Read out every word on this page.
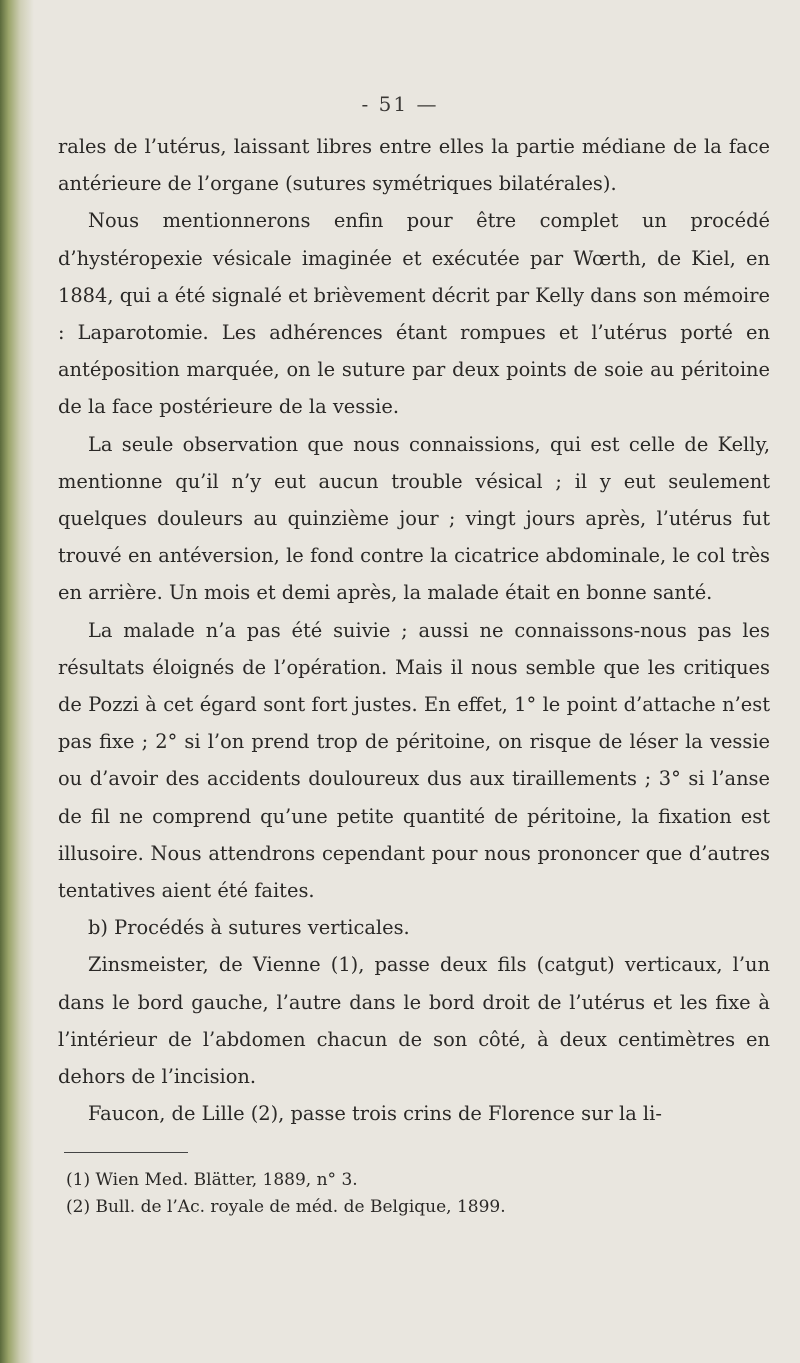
- 51 —

rales de l’utérus, laissant libres entre elles la partie médiane de la face antérieure de l’organe (sutures symétriques bilatérales).

Nous mentionnerons enfin pour être complet un procédé d’hystéropexie vésicale imaginée et exécutée par Wœrth, de Kiel, en 1884, qui a été signalé et brièvement décrit par Kelly dans son mémoire : Laparotomie. Les adhérences étant rompues et l’utérus porté en antéposition marquée, on le suture par deux points de soie au péritoine de la face postérieure de la vessie.

La seule observation que nous connaissions, qui est celle de Kelly, mentionne qu’il n’y eut aucun trouble vésical ; il y eut seulement quelques douleurs au quinzième jour ; vingt jours après, l’utérus fut trouvé en antéversion, le fond contre la cicatrice abdominale, le col très en arrière. Un mois et demi après, la malade était en bonne santé.

La malade n’a pas été suivie ; aussi ne connaissons-nous pas les résultats éloignés de l’opération. Mais il nous semble que les critiques de Pozzi à cet égard sont fort justes. En effet, 1° le point d’attache n’est pas fixe ; 2° si l’on prend trop de péritoine, on risque de léser la vessie ou d’avoir des accidents douloureux dus aux tiraillements ; 3° si l’anse de fil ne comprend qu’une petite quantité de péritoine, la fixation est illusoire. Nous attendrons cependant pour nous prononcer que d’autres tentatives aient été faites.

b) Procédés à sutures verticales.

Zinsmeister, de Vienne (1), passe deux fils (catgut) verticaux, l’un dans le bord gauche, l’autre dans le bord droit de l’utérus et les fixe à l’intérieur de l’abdomen chacun de son côté, à deux centimètres en dehors de l’incision.

Faucon, de Lille (2), passe trois crins de Florence sur la li-

(1) Wien Med. Blätter, 1889, n° 3.

(2) Bull. de l’Ac. royale de méd. de Belgique, 1899.
